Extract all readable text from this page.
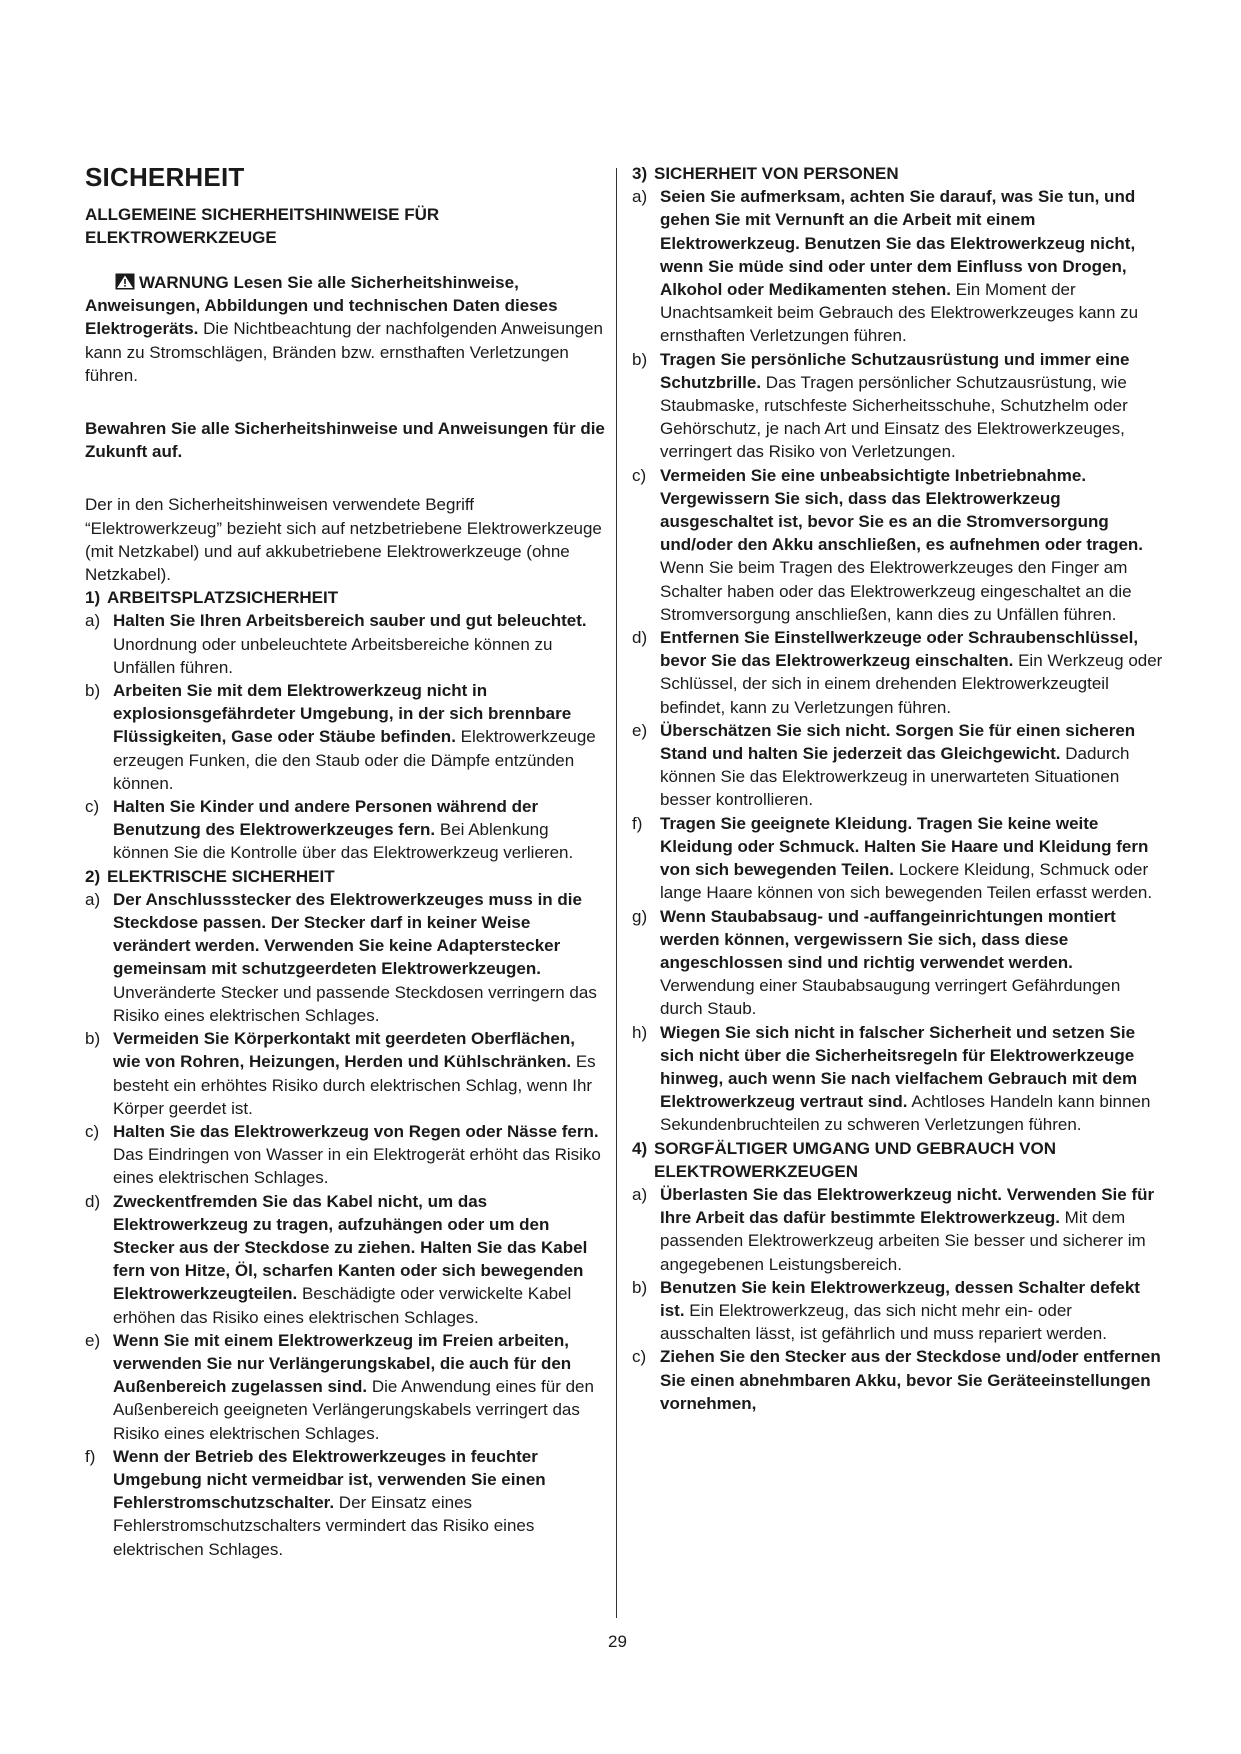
SICHERHEIT
ALLGEMEINE SICHERHEITSHINWEISE FÜR ELEKTROWERKZEUGE

WARNUNG Lesen Sie alle Sicherheitshinweise, Anweisungen, Abbildungen und technischen Daten dieses Elektrogeräts. Die Nichtbeachtung der nachfolgenden Anweisungen kann zu Stromschlägen, Bränden bzw. ernsthaften Verletzungen führen.

Bewahren Sie alle Sicherheitshinweise und Anweisungen für die Zukunft auf.

Der in den Sicherheitshinweisen verwendete Begriff “Elektrowerkzeug” bezieht sich auf netzbetriebene Elektrowerkzeuge (mit Netzkabel) und auf akkubetriebene Elektrowerkzeuge (ohne Netzkabel).

1) ARBEITSPLATZSICHERHEIT
a) Halten Sie Ihren Arbeitsbereich sauber und gut beleuchtet. Unordnung oder unbeleuchtete Arbeitsbereiche können zu Unfällen führen.
b) Arbeiten Sie mit dem Elektrowerkzeug nicht in explosionsgefährdeter Umgebung, in der sich brennbare Flüssigkeiten, Gase oder Stäube befinden. Elektrowerkzeuge erzeugen Funken, die den Staub oder die Dämpfe entzünden können.
c) Halten Sie Kinder und andere Personen während der Benutzung des Elektrowerkzeuges fern. Bei Ablenkung können Sie die Kontrolle über das Elektrowerkzeug verlieren.
2) ELEKTRISCHE SICHERHEIT
a) Der Anschlussstecker des Elektrowerkzeuges muss in die Steckdose passen. Der Stecker darf in keiner Weise verändert werden. Verwenden Sie keine Adapterstecker gemeinsam mit schutzgeerdeten Elektrowerkzeugen. Unveränderte Stecker und passende Steckdosen verringern das Risiko eines elektrischen Schlages.
b) Vermeiden Sie Körperkontakt mit geerdeten Oberflächen, wie von Rohren, Heizungen, Herden und Kühlschränken. Es besteht ein erhöhtes Risiko durch elektrischen Schlag, wenn Ihr Körper geerdet ist.
c) Halten Sie das Elektrowerkzeug von Regen oder Nässe fern. Das Eindringen von Wasser in ein Elektrogerät erhöht das Risiko eines elektrischen Schlages.
d) Zweckentfremden Sie das Kabel nicht, um das Elektrowerkzeug zu tragen, aufzuhängen oder um den Stecker aus der Steckdose zu ziehen. Halten Sie das Kabel fern von Hitze, Öl, scharfen Kanten oder sich bewegenden Elektrowerkzeugteilen. Beschädigte oder verwickelte Kabel erhöhen das Risiko eines elektrischen Schlages.
e) Wenn Sie mit einem Elektrowerkzeug im Freien arbeiten, verwenden Sie nur Verlängerungskabel, die auch für den Außenbereich zugelassen sind. Die Anwendung eines für den Außenbereich geeigneten Verlängerungskabels verringert das Risiko eines elektrischen Schlages.
f)	Wenn der Betrieb des Elektrowerkzeuges in feuchter Umgebung nicht vermeidbar ist, verwenden Sie einen Fehlerstromschutzschalter. Der Einsatz eines Fehlerstromschutzschalters vermindert das Risiko eines elektrischen Schlages.
3) SICHERHEIT VON PERSONEN
a) Seien Sie aufmerksam, achten Sie darauf, was Sie tun, und gehen Sie mit Vernunft an die Arbeit mit einem Elektrowerkzeug. Benutzen Sie das Elektrowerkzeug nicht, wenn Sie müde sind oder unter dem Einfluss von Drogen, Alkohol oder Medikamenten stehen. Ein Moment der Unachtsamkeit beim Gebrauch des Elektrowerkzeuges kann zu ernsthaften Verletzungen führen.
b) Tragen Sie persönliche Schutzausrüstung und immer eine Schutzbrille. Das Tragen persönlicher Schutzausrüstung, wie Staubmaske, rutschfeste Sicherheitsschuhe, Schutzhelm oder Gehörschutz, je nach Art und Einsatz des Elektrowerkzeuges, verringert das Risiko von Verletzungen.
c) Vermeiden Sie eine unbeabsichtigte Inbetriebnahme. Vergewissern Sie sich, dass das Elektrowerkzeug ausgeschaltet ist, bevor Sie es an die Stromversorgung und/oder den Akku anschließen, es aufnehmen oder tragen. Wenn Sie beim Tragen des Elektrowerkzeuges den Finger am Schalter haben oder das Elektrowerkzeug eingeschaltet an die Stromversorgung anschließen, kann dies zu Unfällen führen.
d) Entfernen Sie Einstellwerkzeuge oder Schraubenschlüssel, bevor Sie das Elektrowerkzeug einschalten. Ein Werkzeug oder Schlüssel, der sich in einem drehenden Elektrowerkzeugteil befindet, kann zu Verletzungen führen.
e) Überschätzen Sie sich nicht. Sorgen Sie für einen sicheren Stand und halten Sie jederzeit das Gleichgewicht. Dadurch können Sie das Elektrowerkzeug in unerwarteten Situationen besser kontrollieren.
f)	Tragen Sie geeignete Kleidung. Tragen Sie keine weite Kleidung oder Schmuck. Halten Sie Haare und Kleidung fern von sich bewegenden Teilen. Lockere Kleidung, Schmuck oder lange Haare können von sich bewegenden Teilen erfasst werden.
g) Wenn Staubabsaug- und -auffangeinrichtungen montiert werden können, vergewissern Sie sich, dass diese angeschlossen sind und richtig verwendet werden. Verwendung einer Staubabsaugung verringert Gefährdungen durch Staub.
h) Wiegen Sie sich nicht in falscher Sicherheit und setzen Sie sich nicht über die Sicherheitsregeln für Elektrowerkzeuge hinweg, auch wenn Sie nach vielfachem Gebrauch mit dem Elektrowerkzeug vertraut sind. Achtloses Handeln kann binnen Sekundenbruchteilen zu schweren Verletzungen führen.
4) SORGFÄLTIGER UMGANG UND GEBRAUCH VON ELEKTROWERKZEUGEN
a) Überlasten Sie das Elektrowerkzeug nicht. Verwenden Sie für Ihre Arbeit das dafür bestimmte Elektrowerkzeug. Mit dem passenden Elektrowerkzeug arbeiten Sie besser und sicherer im angegebenen Leistungsbereich.
b) Benutzen Sie kein Elektrowerkzeug, dessen Schalter defekt ist. Ein Elektrowerkzeug, das sich nicht mehr ein- oder ausschalten lässt, ist gefährlich und muss repariert werden.
c) Ziehen Sie den Stecker aus der Steckdose und/oder entfernen Sie einen abnehmbaren Akku, bevor Sie Geräteeinstellungen vornehmen,
29
